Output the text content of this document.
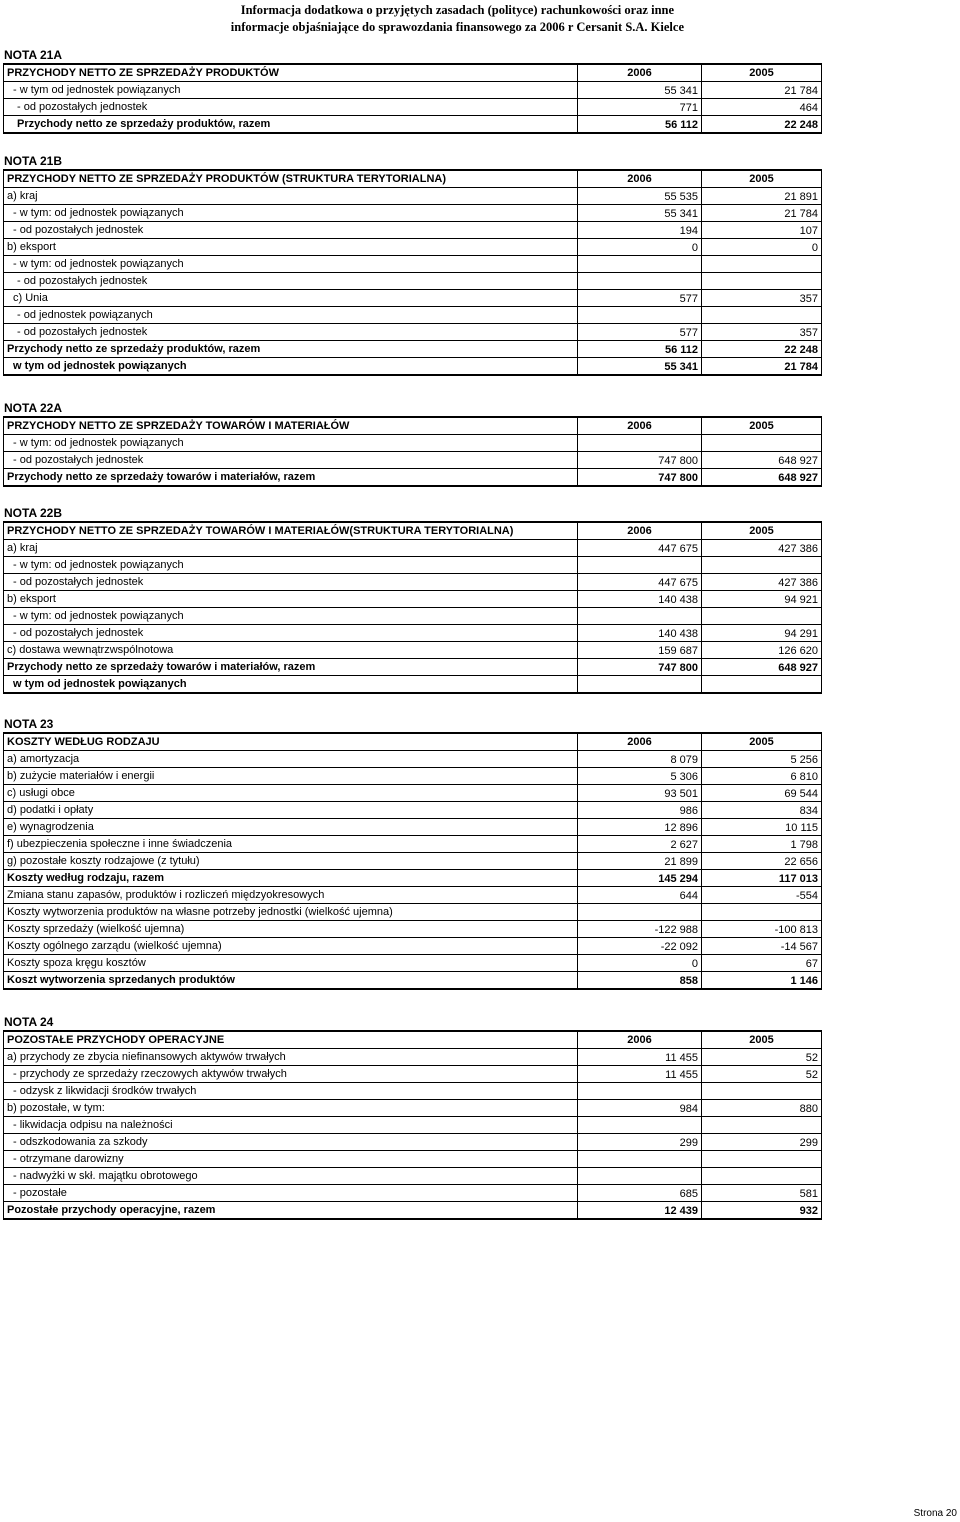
Informacja dodatkowa o przyjętych zasadach (polityce) rachunkowości oraz inne
informacje objaśniające do sprawozdania finansowego za 2006 r Cersanit S.A. Kielce
NOTA 21A
PRZYCHODY NETTO ZE SPRZEDAŻY PRODUKTÓW	2006	2005
- w tym od jednostek powiązanych	55 341	21 784
- od pozostałych jednostek	771	464
Przychody netto ze sprzedaży produktów, razem	56 112	22 248
NOTA 21B
PRZYCHODY NETTO ZE SPRZEDAŻY PRODUKTÓW (STRUKTURA TERYTORIALNA)	2006	2005
a) kraj	55 535	21 891
- w tym: od jednostek powiązanych	55 341	21 784
- od pozostałych jednostek	194	107
b) eksport	0	0
- w tym: od jednostek powiązanych		
- od pozostałych jednostek		
c) Unia	577	357
- od jednostek powiązanych		
- od pozostałych jednostek	577	357
Przychody netto ze sprzedaży produktów, razem	56 112	22 248
w tym od jednostek powiązanych	55 341	21 784
NOTA 22A
PRZYCHODY NETTO ZE SPRZEDAŻY TOWARÓW I MATERIAŁÓW	2006	2005
- w tym: od jednostek powiązanych		
- od pozostałych jednostek	747 800	648 927
Przychody netto ze sprzedaży towarów i materiałów, razem	747 800	648 927
NOTA 22B
PRZYCHODY NETTO ZE SPRZEDAŻY TOWARÓW I MATERIAŁÓW(STRUKTURA TERYTORIALNA)	2006	2005
a) kraj	447 675	427 386
- w tym: od jednostek powiązanych		
- od pozostałych jednostek	447 675	427 386
b) eksport	140 438	94 921
- w tym: od jednostek powiązanych		
- od pozostałych jednostek	140 438	94 291
c) dostawa wewnątrzwspólnotowa	159 687	126 620
Przychody netto ze sprzedaży towarów i materiałów, razem	747 800	648 927
w tym od jednostek powiązanych		
NOTA 23
KOSZTY WEDŁUG RODZAJU	2006	2005
a) amortyzacja	8 079	5 256
b) zużycie materiałów i energii	5 306	6 810
c) usługi obce	93 501	69 544
d) podatki i opłaty	986	834
e) wynagrodzenia	12 896	10 115
f) ubezpieczenia społeczne i inne świadczenia	2 627	1 798
g) pozostałe koszty rodzajowe (z tytułu)	21 899	22 656
Koszty według rodzaju, razem	145 294	117 013
Zmiana stanu zapasów, produktów i rozliczeń międzyokresowych	644	-554
Koszty wytworzenia produktów na własne potrzeby jednostki (wielkość ujemna)		
Koszty sprzedaży (wielkość ujemna)	-122 988	-100 813
Koszty ogólnego zarządu (wielkość ujemna)	-22 092	-14 567
Koszty spoza kręgu kosztów	0	67
Koszt wytworzenia sprzedanych produktów	858	1 146
NOTA 24
POZOSTAŁE PRZYCHODY OPERACYJNE	2006	2005
a) przychody ze zbycia niefinansowych aktywów trwałych	11 455	52
- przychody ze sprzedaży rzeczowych aktywów trwałych	11 455	52
- odzysk z likwidacji środków trwałych		
b) pozostałe, w tym:	984	880
- likwidacja odpisu na należności		
- odszkodowania za szkody	299	299
- otrzymane darowizny		
- nadwyżki w skł. majątku obrotowego		
- pozostałe	685	581
Pozostałe przychody operacyjne, razem	12 439	932
Strona 20
